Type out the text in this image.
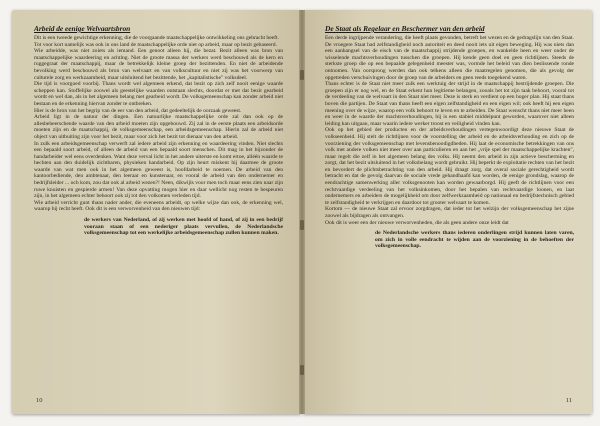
Arbeid de eenige Welvaartsbron

Dit is een tweede gewichtige erkenning, die de voorgaande maatschappelijke ontwikkeling ons gebracht heeft.
Tot voor kort namelijk was ook in ons land de maatschappelijke orde niet op arbeid, maar op bezit gebaseerd.
Wie arbeidde, was niet zoiets als iemand. Een genoot alleen hij, die bezat. Bezit alleen was bron van maatschappelijke waardeering en achting. Niet de groote massa der werkers werd beschouwd als de kern en ruggegraat der maatschappij, maar de betrekkelijk kleine groep der bezittenden. En niet de arbeidende bevolking werd beschouwd als bron van welvaart en van volkscultuur en niet zij was het voorwerp van culturele zorg en werkzaamheid, maar uitsluitend het bezittende, het „kapitalistische" volksdeel.
Die tijd is voorgoed voorbij. Thans wordt wel algemeen erkend, dat bezit op zich zelf nooit eenige waarde scheppen kan. Stoffelijke zoowel als geestelijke waarden ontstaan slechts, doordat er met dat bezit gearbeid wordt en wel dan, als in het algemeen belang met gearbeid wordt. De volksgemeenschap kan zonder arbeid niet bestaan en de erkenning hiervan zonder te ontbreken.
Hier is de bron van het begrip van de eer van den arbeid, dat gedeeltelijk de oorzaak geweest.
Arbeid ligt in de natuur der dingen. Een natuurlijke maatschappelijke orde zal dan ook op de allesbeheerschende waarde van den arbeid moeten zijn opgebouwd. Zij zal in de eerste plaats een arbeidsorde moeten zijn en de maatschappij, de volksgemeenschap, een arbeidsgemeenschap. Hierin zal de arbeid niet object van uitbuiting zijn voor het bezit, maar voor zich het bezit tot dienaar van den arbeid.
In zulk een arbeidsgemeenschap verwerft zal iedere arbeid zijn erkenning en waardeering vinden. Niet slechts een bepaald soort arbeid, of alleen de arbeid van een bepaald soort menschen. Dit mag in het bijzonder de handarbeider wel eens overdenken. Want deze verval licht in het andere uiterste en komt ertoe, alléén waarde te hechten aan den duidelijk zichtbaren, physieken handarbeid. Op zijn beurt miskent hij daarmee de groote waarde van wat men ook in het algemeen geweest is, hoofdarbeid te noemen. De arbeid van den kantoorbediende, den ambtenaar, den leeraar en kunstenaar, en vooral de arbeid van den ondernemer en bedrijfsleider ... och kom, zou dat ook al arbeid wezen?! Neen, dikwijls voor men toch maar eens zien naar zijn ruwe knuisten en gespierde armen! Van deze opvatting mogen hier en daar wellicht nog resten te bespeuren zijn, in het algemeen echter behoort ook zij tot den volkomen verleden tijd.
Wie arbeid verricht gunt thans nader ander, die eveneens arbeidt, op welke wijze dan ook, de erkenning wel, waarop hij recht heeft. Ook dit is een verworvenheid van den nieuwen tijd:

de werkers van Nederland, of zij werken met hoofd of hand, of zij in een bedrijf vooraan staan of een nederiger plaats vervullen, de Nederlandsche volksgemeenschap tot een werkelijke arbeidsgemeenschap zullen kunnen maken.

10
De Staat als Regelaar en Beschermer van den arbeid

Een derde ingrijpende verandering, die heeft plaats gevonden, betreft het wezen en de gedragslijn van den Staat.
De vroegere Staat had zelfstandigheid noch autoriteit en deed nooit iets uit eigen beweging. Hij was niets dan een aanhangsel van de eisch van de maatschappij strijdende groepen, en wankelde heen en weer onder de wisselende machtsverhoudingen tusschen die groepen. Hij kende geen doel en geen richtlijnen. Steeds de sterkste groep die op een bepaalde gelegenheid meester was, vormde het beleid van dien beslissende ronde ontnomen. Van oorsprong werden dan ook telkens alleen die maatregelen genomen, die als gevolg der opgetreden verschuivingen door de groep van de arbeiders en geen reeds toegekend waren.
Thans echter is de Staat niet meer zulk een werktuig der strijd in de maatschappij bestrijdende groepen. Die groepen zijn er nog wel, en de Staat erkent hun legitieme belangen, zooals het tot zijn taak behoort, vooral tot de verdeeling van de welvaart in den Staat niet meer. Deze is sterk en verdient op een hoger plan. Hij staat thans boven die partijen. De Staat van thans heeft een eigen zelfstandigheid en een eigen wil; ook heeft hij een eigen meening over de wijze, waarop een volk behoort te leven en te arbeiden. De Staat wenscht thans niet meer heen en weer in de waarde der machtsverhoudingen, hij is een stabiel middelpunt geworden, waarover niet alleen leiding kan uitgaan, maar waarin iedere werker troost en veiligheid vinden kan.
Ook op het gebied der producten en der arbeidsverhoudingen vertegenwoordigt deze nieuwe Staat de volkseenheid. Hij stelt de richtlijnen voor de voorstelling der arbeid en de arbeidsverhouding en zich op de voorziening der volksgemeenschap met levensbenoodigdheden. Hij laat de economische betrekkingen van ons volk met andere volken niet meer over aan particulieren en aan het „vrije spel der maatschappelijke krachten", maar regelt die zelf in het algemeen belang des volks. Hij neemt den arbeid in zijn actieve bescherming en zorgt, dat het bezit uitsluitend in het volksbelang wordt gebruikt. Hij beperkt de exploitatie rechten van het bezit en bevordert de plichtsbetrachting van den arbeid. Hij draagt zorg, dat overal sociale gerechtigheid wordt betracht en dat de gevolg daarvan de sociale vrede gehandhaafd kan worden, de eenige grondslag, waarop de eendrachtige samenwerking aller volksgenooten kan worden gewaarborgd. Hij geeft de richtlijnen voor een rechtvaardige verdeeling van het volksinkomen, door het bepalen van rechtvaardige loonen, en laat ondernemers en arbeiders de mogelijkheid om door zelfwerkzaamheid op nationaal en bedrijfstechnisch gebied te zelfstandigheid te verkrijgen en daardoor tot grooter welvaart te komen.
Kortom — de nieuwe Staat zal ervoor zorgdragen, dat ieder tot het welzijn der volksgemeenschap het zijne zoowel als bijdragen als ontvangen.
Ook dit is weer een der nieuwe verworvenheden, die als geen andere onze leidt dat

de Nederlandsche werkers thans iederen onderlingen strijd kunnen laten varen, om zich in volle eendracht te wijden aan de voorziening in de behoeften der volksgemeenschap.

11
